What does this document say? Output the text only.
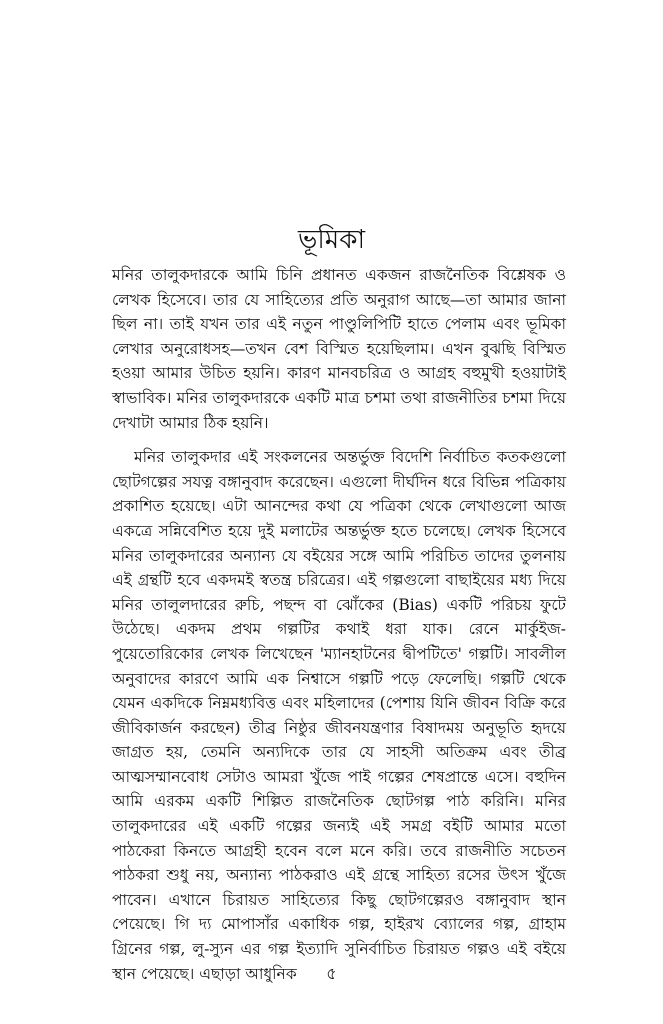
ভূমিকা

মনির তালুকদারকে আমি চিনি প্রধানত একজন রাজনৈতিক বিশ্লেষক ও লেখক হিসেবে। তার যে সাহিত্যের প্রতি অনুরাগ আছে—তা আমার জানা ছিল না। তাই যখন তার এই নতুন পাণ্ডুলিপিটি হাতে পেলাম এবং ভূমিকা লেখার অনুরোধসহ—তখন বেশ বিস্মিত হয়েছিলাম। এখন বুঝছি বিস্মিত হওয়া আমার উচিত হয়নি। কারণ মানবচরিত্র ও আগ্রহ বহুমুখী হওয়াটাই স্বাভাবিক। মনির তালুকদারকে একটি মাত্র চশমা তথা রাজনীতির চশমা দিয়ে দেখাটা আমার ঠিক হয়নি।

মনির তালুকদার এই সংকলনের অন্তর্ভুক্ত বিদেশি নির্বাচিত কতকগুলো ছোটগল্পের সযত্ন বঙ্গানুবাদ করেছেন। এগুলো দীর্ঘদিন ধরে বিভিন্ন পত্রিকায় প্রকাশিত হয়েছে। এটা আনন্দের কথা যে পত্রিকা থেকে লেখাগুলো আজ একত্রে সন্নিবেশিত হয়ে দুই মলাটের অন্তর্ভুক্ত হতে চলেছে। লেখক হিসেবে মনির তালুকদারের অন্যান্য যে বইয়ের সঙ্গে আমি পরিচিত তাদের তুলনায় এই গ্রন্থটি হবে একদমই স্বতন্ত্র চরিত্রের। এই গল্পগুলো বাছাইয়ের মধ্য দিয়ে মনির তালুলদারের রুচি, পছন্দ বা ঝোঁকের (Bias) একটি পরিচয় ফুটে উঠেছে। একদম প্রথম গল্পটির কথাই ধরা যাক। রেনে মার্কুইজ-পুয়েতোরিকোর লেখক লিখেছেন 'ম্যানহাটনের দ্বীপটিতে' গল্পটি। সাবলীল অনুবাদের কারণে আমি এক নিশ্বাসে গল্পটি পড়ে ফেলেছি। গল্পটি থেকে যেমন একদিকে নিম্নমধ্যবিত্ত এবং মহিলাদের (পেশায় যিনি জীবন বিক্রি করে জীবিকার্জন করছেন) তীব্র নিষ্ঠুর জীবনযন্ত্রণার বিষাদময় অনুভূতি হৃদয়ে জাগ্রত হয়, তেমনি অন্যদিকে তার যে সাহসী অতিক্রম এবং তীব্র আত্মসম্মানবোধ সেটাও আমরা খুঁজে পাই গল্পের শেষপ্রান্তে এসে। বহুদিন আমি এরকম একটি শিল্পিত রাজনৈতিক ছোটগল্প পাঠ করিনি। মনির তালুকদারের এই একটি গল্পের জন্যই এই সমগ্র বইটি আমার মতো পাঠকেরা কিনতে আগ্রহী হবেন বলে মনে করি। তবে রাজনীতি সচেতন পাঠকরা শুধু নয়, অন্যান্য পাঠকরাও এই গ্রন্থে সাহিত্য রসের উৎস খুঁজে পাবেন। এখানে চিরায়ত সাহিত্যের কিছু ছোটগল্পেরও বঙ্গানুবাদ স্থান পেয়েছে। গি দ্য মোপাসাঁর একাধিক গল্প, হাইরখ ব্যোলের গল্প, গ্রাহাম গ্রিনের গল্প, লু-স্যুন এর গল্প ইত্যাদি সুনির্বাচিত চিরায়ত গল্পও এই বইয়ে স্থান পেয়েছে। এছাড়া আধুনিক	৫
